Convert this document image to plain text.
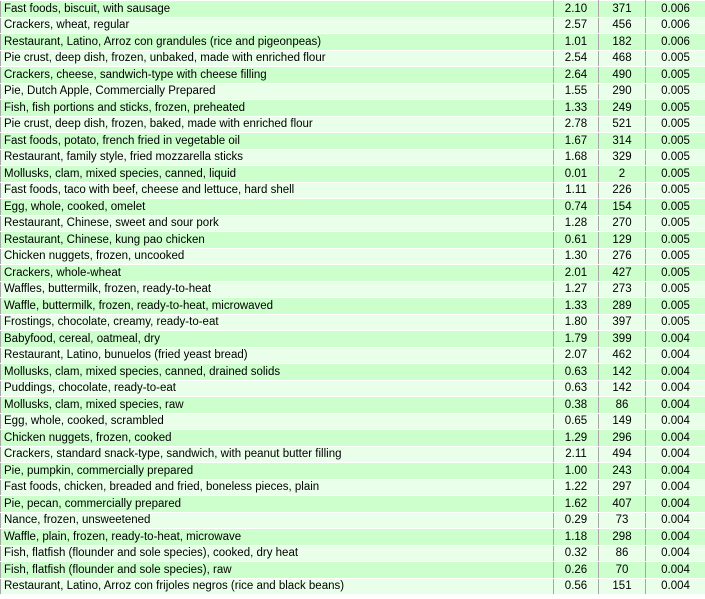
Fast foods, biscuit, with sausage	2.10	371	0.006
Crackers, wheat, regular	2.57	456	0.006
Restaurant, Latino, Arroz con grandules (rice and pigeonpeas)	1.01	182	0.006
Pie crust, deep dish, frozen, unbaked, made with enriched flour	2.54	468	0.005
Crackers, cheese, sandwich-type with cheese filling	2.64	490	0.005
Pie, Dutch Apple, Commercially Prepared	1.55	290	0.005
Fish, fish portions and sticks, frozen, preheated	1.33	249	0.005
Pie crust, deep dish, frozen, baked, made with enriched flour	2.78	521	0.005
Fast foods, potato, french fried in vegetable oil	1.67	314	0.005
Restaurant, family style, fried mozzarella sticks	1.68	329	0.005
Mollusks, clam, mixed species, canned, liquid	0.01	2	0.005
Fast foods, taco with beef, cheese and lettuce, hard shell	1.11	226	0.005
Egg, whole, cooked, omelet	0.74	154	0.005
Restaurant, Chinese, sweet and sour pork	1.28	270	0.005
Restaurant, Chinese, kung pao chicken	0.61	129	0.005
Chicken nuggets, frozen, uncooked	1.30	276	0.005
Crackers, whole-wheat	2.01	427	0.005
Waffles, buttermilk, frozen, ready-to-heat	1.27	273	0.005
Waffle, buttermilk, frozen, ready-to-heat, microwaved	1.33	289	0.005
Frostings, chocolate, creamy, ready-to-eat	1.80	397	0.005
Babyfood, cereal, oatmeal, dry	1.79	399	0.004
Restaurant, Latino, bunuelos (fried yeast bread)	2.07	462	0.004
Mollusks, clam, mixed species, canned, drained solids	0.63	142	0.004
Puddings, chocolate, ready-to-eat	0.63	142	0.004
Mollusks, clam, mixed species, raw	0.38	86	0.004
Egg, whole, cooked, scrambled	0.65	149	0.004
Chicken nuggets, frozen, cooked	1.29	296	0.004
Crackers, standard snack-type, sandwich, with peanut butter filling	2.11	494	0.004
Pie, pumpkin, commercially prepared	1.00	243	0.004
Fast foods, chicken, breaded and fried, boneless pieces, plain	1.22	297	0.004
Pie, pecan, commercially prepared	1.62	407	0.004
Nance, frozen, unsweetened	0.29	73	0.004
Waffle, plain, frozen, ready-to-heat, microwave	1.18	298	0.004
Fish, flatfish (flounder and sole species), cooked, dry heat	0.32	86	0.004
Fish, flatfish (flounder and sole species), raw	0.26	70	0.004
Restaurant, Latino, Arroz con frijoles negros (rice and black beans)	0.56	151	0.004
